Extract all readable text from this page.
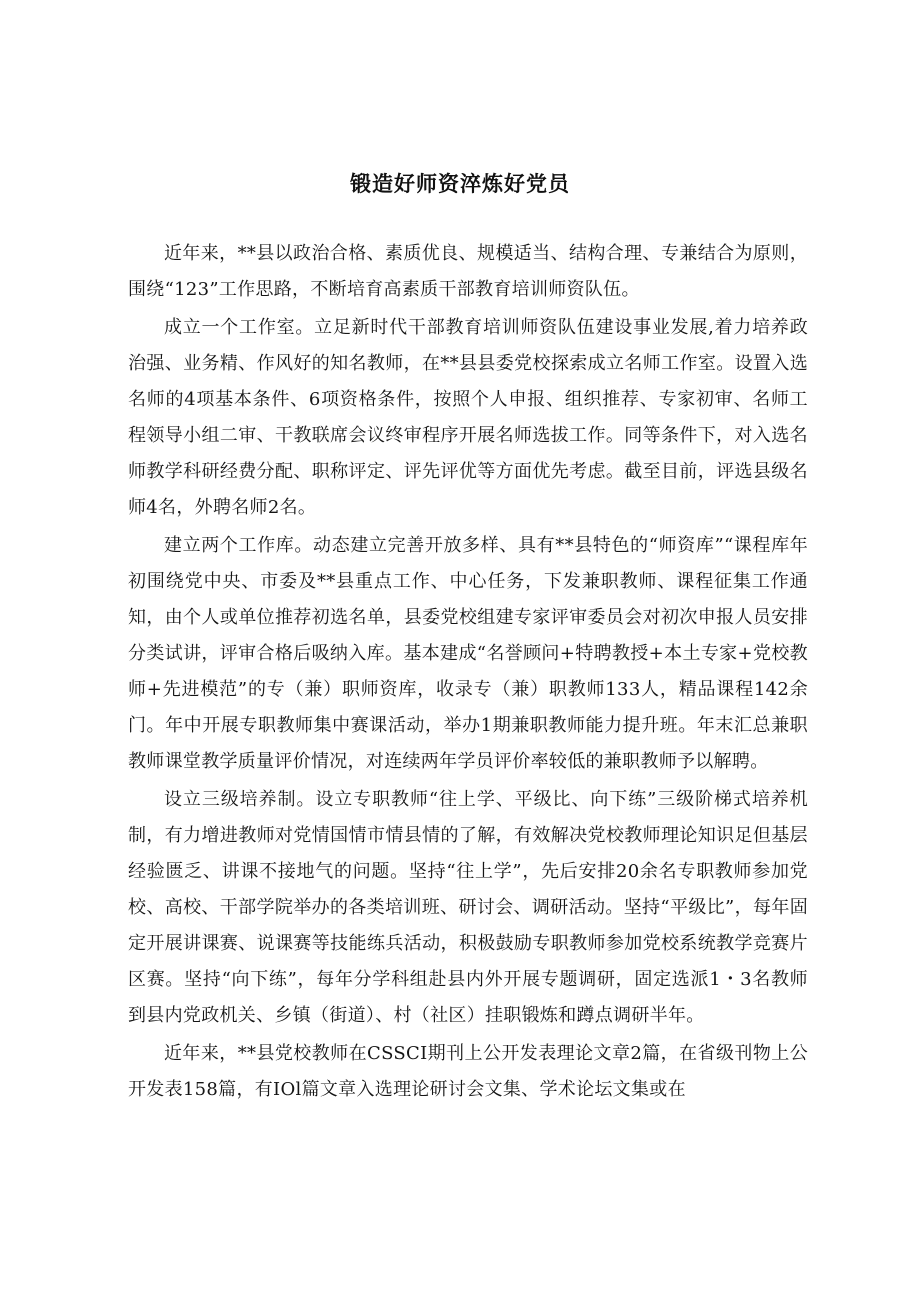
锻造好师资淬炼好党员

近年来，**县以政治合格、素质优良、规模适当、结构合理、专兼结合为原则，围绕“123”工作思路，不断培育高素质干部教育培训师资队伍。

成立一个工作室。立足新时代干部教育培训师资队伍建设事业发展,着力培养政治强、业务精、作风好的知名教师，在**县县委党校探索成立名师工作室。设置入选名师的4项基本条件、6项资格条件，按照个人申报、组织推荐、专家初审、名师工程领导小组二审、干教联席会议终审程序开展名师选拔工作。同等条件下，对入选名师教学科研经费分配、职称评定、评先评优等方面优先考虑。截至目前，评选县级名师4名，外聘名师2名。

建立两个工作库。动态建立完善开放多样、具有**县特色的“师资库”“课程库年初围绕党中央、市委及**县重点工作、中心任务，下发兼职教师、课程征集工作通知，由个人或单位推荐初选名单，县委党校组建专家评审委员会对初次申报人员安排分类试讲，评审合格后吸纳入库。基本建成“名誉顾问+特聘教授+本土专家+党校教师+先进模范”的专（兼）职师资库，收录专（兼）职教师133人，精品课程142余门。年中开展专职教师集中赛课活动，举办1期兼职教师能力提升班。年末汇总兼职教师课堂教学质量评价情况，对连续两年学员评价率较低的兼职教师予以解聘。

设立三级培养制。设立专职教师“往上学、平级比、向下练”三级阶梯式培养机制，有力增进教师对党情国情市情县情的了解，有效解决党校教师理论知识足但基层经验匮乏、讲课不接地气的问题。坚持“往上学”，先后安排20余名专职教师参加党校、高校、干部学院举办的各类培训班、研讨会、调研活动。坚持“平级比”，每年固定开展讲课赛、说课赛等技能练兵活动，积极鼓励专职教师参加党校系统教学竞赛片区赛。坚持“向下练”，每年分学科组赴县内外开展专题调研，固定选派1・3名教师到县内党政机关、乡镇（街道）、村（社区）挂职锻炼和蹲点调研半年。

近年来，**县党校教师在CSSCI期刊上公开发表理论文章2篇，在省级刊物上公开发表158篇，有IOl篇文章入选理论研讨会文集、学术论坛文集或在
